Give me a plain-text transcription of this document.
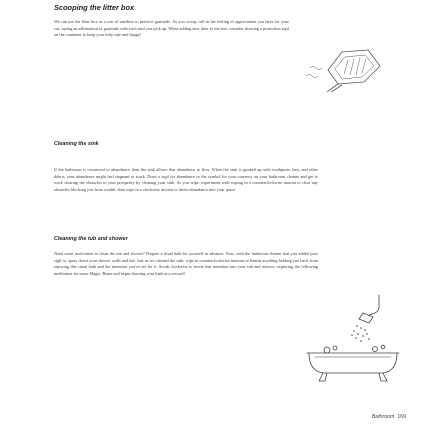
Scooping the litter box

We can use the litter box as a sort of sandbox to practice gratitude. As you scoop, call in the feeling of appreciation you have for your cat, saying an affirmation of gratitude with each turd you pick up. When adding new litter to the box, consider drawing a protection sigil on the container to keep your kitty safe and happy!

Cleaning the sink

If the bathroom is connected to abundance, then the sink allows that abundance to flow. When the sink is gunked up with toothpaste, hair, and other debris, your abundance might feel stagnant or stuck. Draw a sigil for abundance or the symbol for your currency on your bathroom cleaner and get to work clearing the obstacles to your prosperity by cleaning your sink. As you wipe, experiment with wiping in a counterclockwise motion to clear any obstacles blocking you from wealth, then wipe in a clockwise motion to invite abundance into your space.

Cleaning the tub and shower

Need some motivation to clean the tub and shower? Prepare a ritual bath for yourself in advance. Now, with the bathroom cleaner that you added your sigil to, spray down your shower walls and tub. Just as we cleaned the sink, wipe in counterclockwise motions to banish anything holding you back from enjoying this ritual bath and the intention you've set for it. Scrub clockwise to invite that intention into your tub and shower, exploring the following meditation for more Magic. Rinse and begin drawing your bath as a reward!

Bathroom 169
